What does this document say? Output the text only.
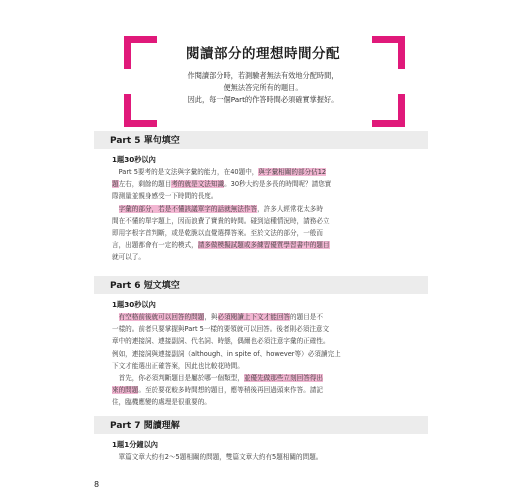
閱讀部分的理想時間分配
作閱讀部分時，若測驗者無法有效地分配時間，
便無法答完所有的題目。
因此，每一個Part的作答時間必須確實掌握好。
Part 5 單句填空
1題30秒以內
　Part 5要考的是文法與字彙的能力，在40題中，與字彙相關的部分佔12
題左右，剩餘的題目考的就是文法知識。30秒大約是多長的時間呢？請您實
際測量並親身感受一下時間的長度。
　字彙的部分，若是不懂該議單字的話就無法作答，許多人經常花太多時
間在不懂的單字題上，因而浪費了寶貴的時間。碰到這種情況時，請務必立
即用字根字首判斷，或是乾脆以直覺選擇答案。至於文法的部分，一般而
言，出題都會有一定的模式，請多做模擬試題或多練習優質學習書中的題目
就可以了。
Part 6 短文填空
1題30秒以內
　有空格前後就可以回答的問題，與必須閱讀上下文才能回答的題目是不
一樣的。前者只要掌握與Part 5一樣的要領就可以回答。後者則必須注意文
章中的連接詞、連接副詞、代名詞、時態，偶爾也必須注意字彙的正確性。
例如，連接詞與連接副詞（although、in spite of、however等）必須讀完上
下文才能選出正確答案，因此也比較花時間。
　首先，你必須判斷題目是屬於哪一個類型，並優先做那些立刻回答得出
來的問題。至於要花較多時間想的題目，應等稍後再回過頭來作答。請記
住，臨機應變的處理是很重要的。
Part 7 閱讀理解
1題1分鐘以內
　單篇文章大約有2～5題相關的問題，雙篇文章大約有5題相關的問題。
8
